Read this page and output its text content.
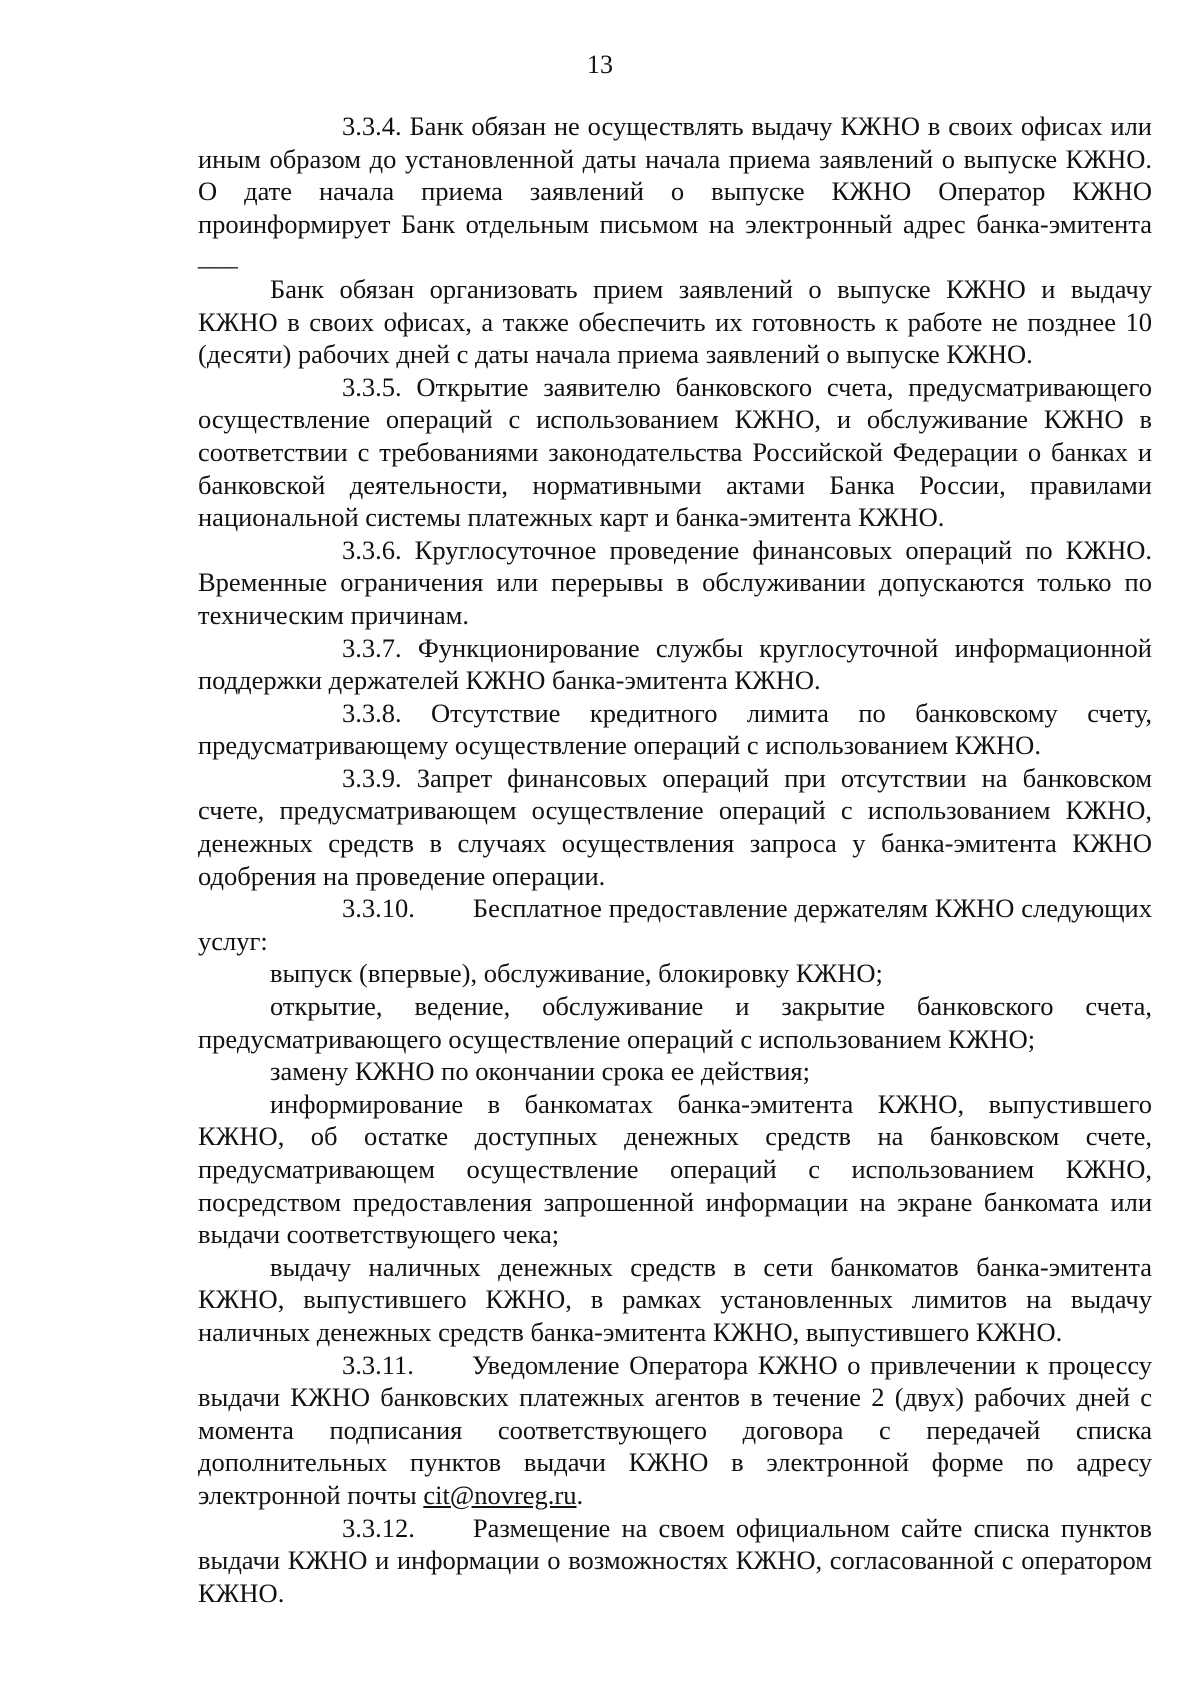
13

3.3.4. Банк обязан не осуществлять выдачу КЖНО в своих офисах или иным образом до установленной даты начала приема заявлений о выпуске КЖНО. О дате начала приема заявлений о выпуске КЖНО Оператор КЖНО проинформирует Банк отдельным письмом на электронный адрес банка-эмитента ___

Банк обязан организовать прием заявлений о выпуске КЖНО и выдачу КЖНО в своих офисах, а также обеспечить их готовность к работе не позднее 10 (десяти) рабочих дней с даты начала приема заявлений о выпуске КЖНО.

3.3.5. Открытие заявителю банковского счета, предусматривающего осуществление операций с использованием КЖНО, и обслуживание КЖНО в соответствии с требованиями законодательства Российской Федерации о банках и банковской деятельности, нормативными актами Банка России, правилами национальной системы платежных карт и банка-эмитента КЖНО.

3.3.6. Круглосуточное проведение финансовых операций по КЖНО. Временные ограничения или перерывы в обслуживании допускаются только по техническим причинам.

3.3.7. Функционирование службы круглосуточной информационной поддержки держателей КЖНО банка-эмитента КЖНО.

3.3.8. Отсутствие кредитного лимита по банковскому счету, предусматривающему осуществление операций с использованием КЖНО.

3.3.9. Запрет финансовых операций при отсутствии на банковском счете, предусматривающем осуществление операций с использованием КЖНО, денежных средств в случаях осуществления запроса у банка-эмитента КЖНО одобрения на проведение операции.

3.3.10. Бесплатное предоставление держателям КЖНО следующих услуг:

выпуск (впервые), обслуживание, блокировку КЖНО;

открытие, ведение, обслуживание и закрытие банковского счета, предусматривающего осуществление операций с использованием КЖНО;

замену КЖНО по окончании срока ее действия;

информирование в банкоматах банка-эмитента КЖНО, выпустившего КЖНО, об остатке доступных денежных средств на банковском счете, предусматривающем осуществление операций с использованием КЖНО, посредством предоставления запрошенной информации на экране банкомата или выдачи соответствующего чека;

выдачу наличных денежных средств в сети банкоматов банка-эмитента КЖНО, выпустившего КЖНО, в рамках установленных лимитов на выдачу наличных денежных средств банка-эмитента КЖНО, выпустившего КЖНО.

3.3.11. Уведомление Оператора КЖНО о привлечении к процессу выдачи КЖНО банковских платежных агентов в течение 2 (двух) рабочих дней с момента подписания соответствующего договора с передачей списка дополнительных пунктов выдачи КЖНО в электронной форме по адресу электронной почты cit@novreg.ru.

3.3.12. Размещение на своем официальном сайте списка пунктов выдачи КЖНО и информации о возможностях КЖНО, согласованной с оператором КЖНО.
